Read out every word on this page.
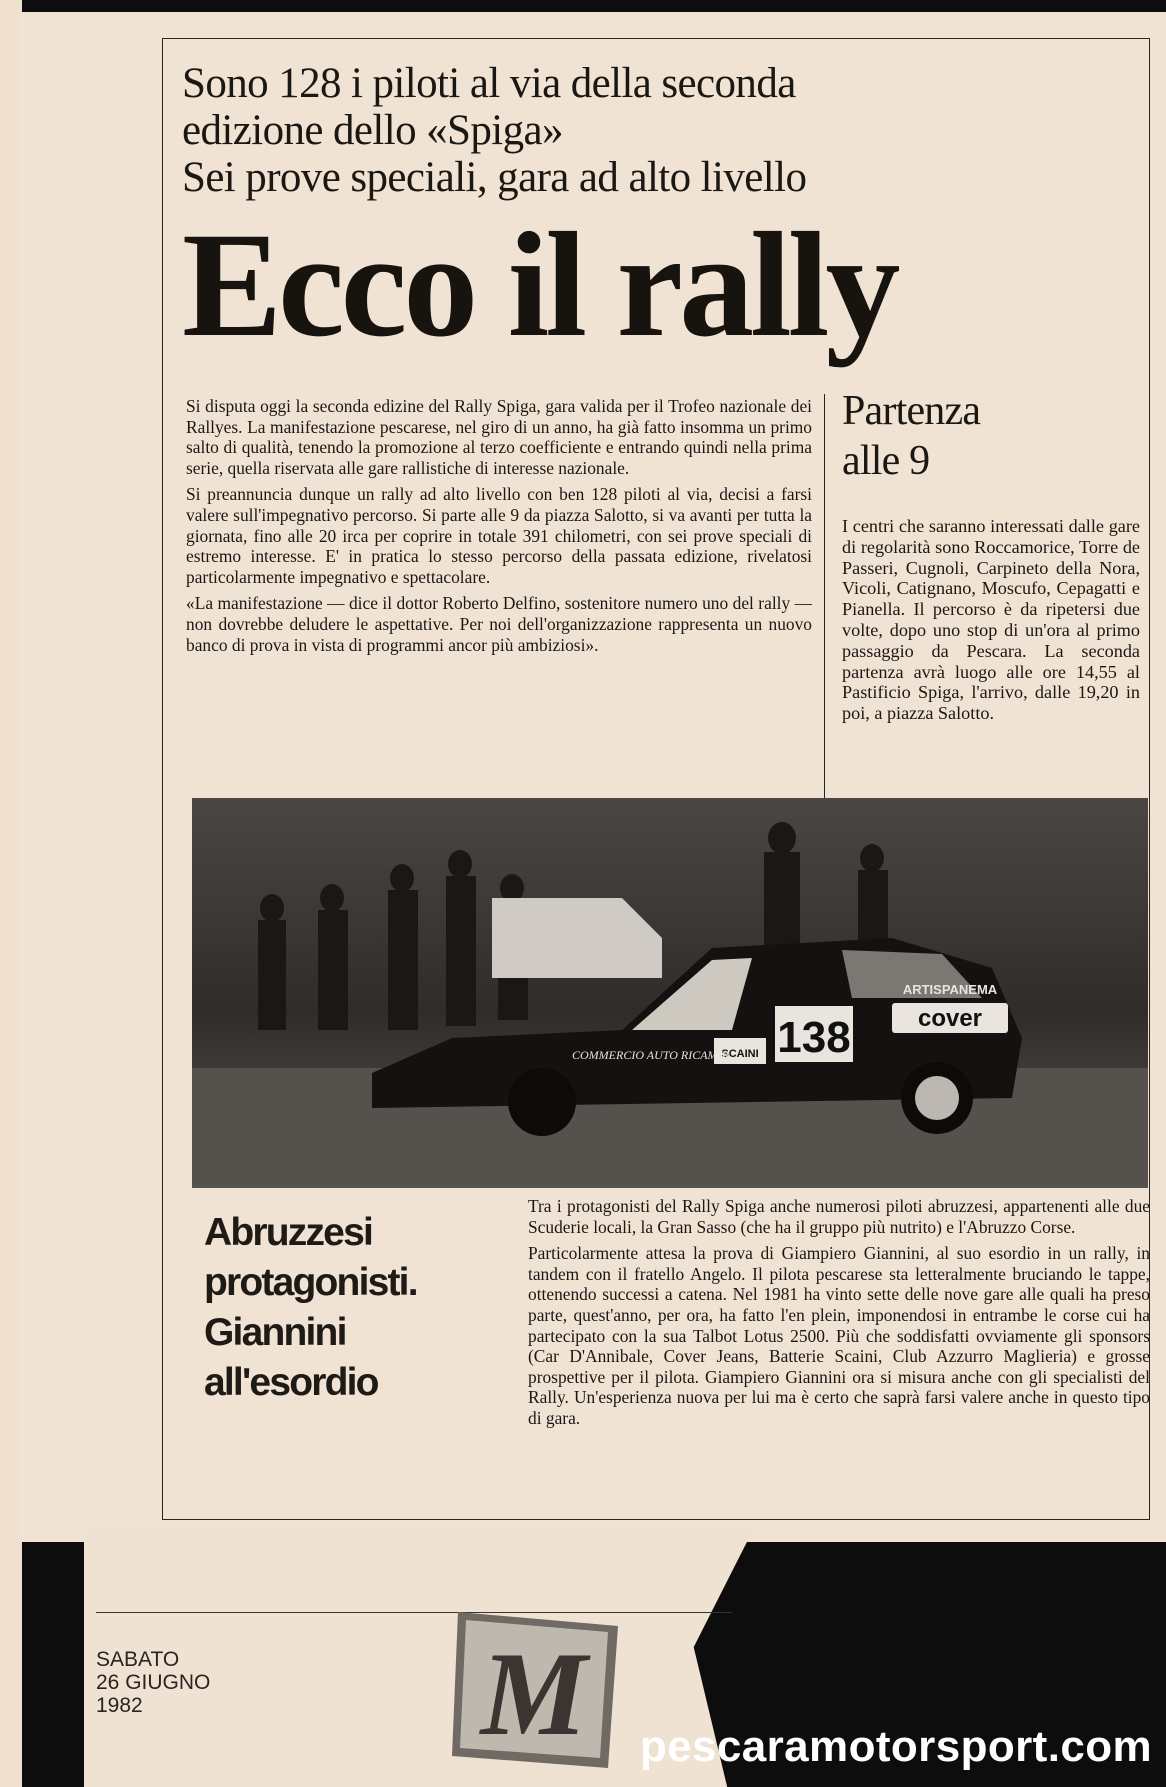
Sono 128 i piloti al via della seconda
edizione dello «Spiga»
Sei prove speciali, gara ad alto livello
Ecco il rally

Si disputa oggi la seconda edizine del Rally Spiga, gara valida per il Trofeo nazionale dei Rallyes. La manifestazione pescarese, nel giro di un anno, ha già fatto insomma un primo salto di qualità, tenendo la promozione al terzo coefficiente e entrando quindi nella prima serie, quella riservata alle gare rallistiche di interesse nazionale.

Si preannuncia dunque un rally ad alto livello con ben 128 piloti al via, decisi a farsi valere sull'impegnativo percorso. Si parte alle 9 da piazza Salotto, si va avanti per tutta la giornata, fino alle 20 irca per coprire in totale 391 chilometri, con sei prove speciali di estremo interesse. E' in pratica lo stesso percorso della passata edizione, rivelatosi particolarmente impegnativo e spettacolare.

«La manifestazione — dice il dottor Roberto Delfino, sostenitore numero uno del rally — non dovrebbe deludere le aspettative. Per noi dell'organizzazione rappresenta un nuovo banco di prova in vista di programmi ancor più ambiziosi».

Partenza
alle 9

I centri che saranno interessati dalle gare di regolarità sono Roccamorice, Torre de Passeri, Cugnoli, Carpineto della Nora, Vicoli, Catignano, Moscufo, Cepagatti e Pianella. Il percorso è da ripetersi due volte, dopo uno stop di un'ora al primo passaggio da Pescara. La seconda partenza avrà luogo alle ore 14,55 al Pastificio Spiga, l'arrivo, dalle 19,20 in poi, a piazza Salotto.

138	cover
ARTISPANEMA
SCAINI
COMMERCIO AUTO RICAMBI
Abruzzesi
protagonisti.
Giannini
all'esordio

Tra i protagonisti del Rally Spiga anche numerosi piloti abruzzesi, appartenenti alle due Scuderie locali, la Gran Sasso (che ha il gruppo più nutrito) e l'Abruzzo Corse.

Particolarmente attesa la prova di Giampiero Giannini, al suo esordio in un rally, in tandem con il fratello Angelo. Il pilota pescarese sta letteralmente bruciando le tappe, ottenendo successi a catena. Nel 1981 ha vinto sette delle nove gare alle quali ha preso parte, quest'anno, per ora, ha fatto l'en plein, imponendosi in entrambe le corse cui ha partecipato con la sua Talbot Lotus 2500. Più che soddisfatti ovviamente gli sponsors (Car D'Annibale, Cover Jeans, Batterie Scaini, Club Azzurro Maglieria) e grosse prospettive per il pilota. Giampiero Giannini ora si misura anche con gli specialisti del Rally. Un'esperienza nuova per lui ma è certo che saprà farsi valere anche in questo tipo di gara.

SABATO
26 GIUGNO
1982	M	pescaramotorsport.com
